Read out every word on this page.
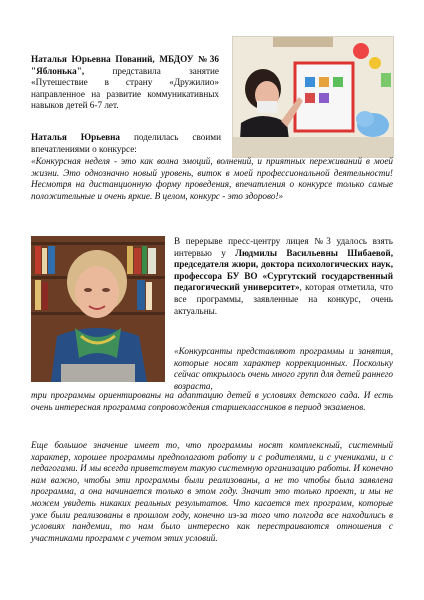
Наталья Юрьевна Пований, МБДОУ №36 "Яблонька", представила занятие «Путешествие в страну «Дружилио» направленное на развитие коммуникативных навыков детей 6-7 лет.
Наталья Юрьевна поделилась своими впечатлениями о конкурсе:
«Конкурсная неделя - это как волна эмоций, волнений, и приятных переживаний в моей жизни. Это однозначно новый уровень, виток в моей профессиональной деятельности! Несмотря на дистанционную форму проведения, впечатления о конкурсе только самые положительные и очень яркие. В целом, конкурс - это здорово!»
В перерыве пресс-центру лицея №3 удалось взять интервью у Людмилы Васильевны Шибаевой, председателя жюри, доктора психологических наук, профессора БУ ВО «Сургутский государственный педагогический университет», которая отметила, что все программы, заявленные на конкурс, очень актуальны.
«Конкурсанты представляют программы и занятия, которые носят характер коррекционных. Поскольку сейчас открылось очень много групп для детей раннего возраста,
три программы ориентированы на адаптацию детей в условиях детского сада. И есть очень интересная программа сопровождения старшеклассников в период экзаменов.
Еще большое значение имеет то, что программы носят комплексный, системный характер, хорошее программы предполагают работу и с родителями, и с учениками, и с педагогами. И мы всегда приветствуем такую системную организацию работы. И конечно нам важно, чтобы эти программы были реализованы, а не то чтобы была заявлена программа, а она начинается только в этом году. Значит это только проект, и мы не можем увидеть никаких реальных результатов. Что касается тех программ, которые уже были реализованы в прошлом году, конечно из-за того что полгода все находились в условиях пандемии, то нам было интересно как перестраиваются отношения с участниками программ с учетом этих условий.
